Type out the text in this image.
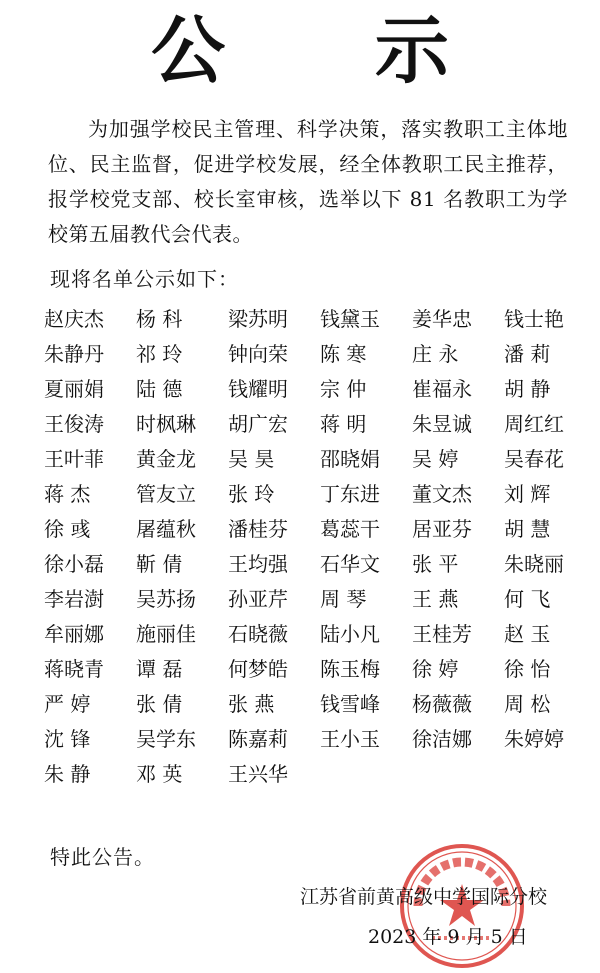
公 示
为加强学校民主管理、科学决策，落实教职工主体地位、民主监督，促进学校发展，经全体教职工民主推荐，报学校党支部、校长室审核，选举以下 81 名教职工为学校第五届教代会代表。
现将名单公示如下：
赵庆杰	杨 科	梁苏明	钱黛玉	姜华忠	钱士艳
朱静丹	祁 玲	钟向荣	陈 寒	庄 永	潘 莉
夏丽娟	陆 德	钱耀明	宗 仲	崔福永	胡 静
王俊涛	时枫琳	胡广宏	蒋 明	朱昱诚	周红红
王叶菲	黄金龙	吴 昊	邵晓娟	吴 婷	吴春花
蒋 杰	管友立	张 玲	丁东进	董文杰	刘 辉
徐 彧	屠蕴秋	潘桂芬	葛蕊干	居亚芬	胡 慧
徐小磊	靳 倩	王均强	石华文	张 平	朱晓丽
李岩澍	吴苏扬	孙亚芹	周 琴	王 燕	何 飞
牟丽娜	施丽佳	石晓薇	陆小凡	王桂芳	赵 玉
蒋晓青	谭 磊	何梦皓	陈玉梅	徐 婷	徐 怡
严 婷	张 倩	张 燕	钱雪峰	杨薇薇	周 松
沈 锋	吴学东	陈嘉莉	王小玉	徐洁娜	朱婷婷
朱 静	邓 英	王兴华
特此公告。
江苏省前黄高级中学国际分校
2023 年 9 月 5 日
